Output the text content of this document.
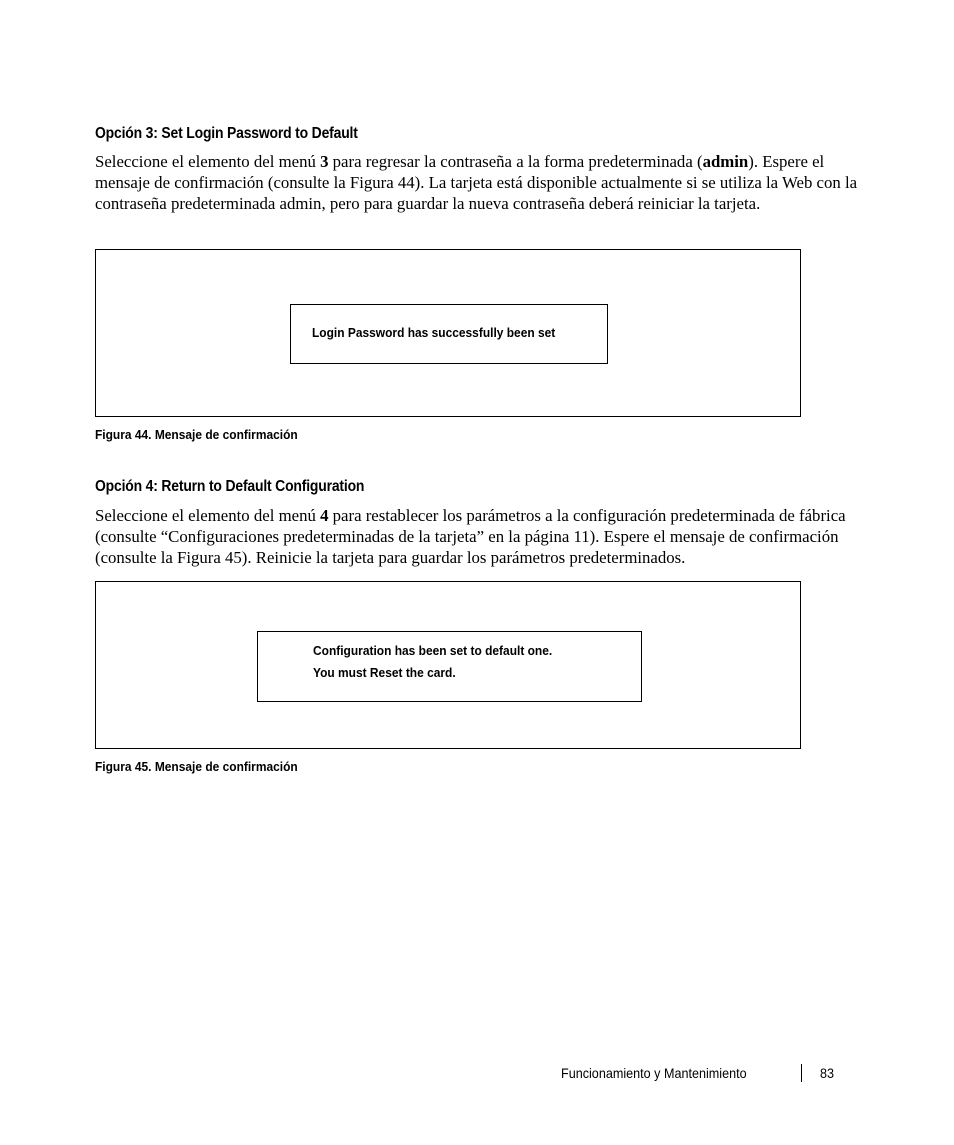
Opción 3: Set Login Password to Default

Seleccione el elemento del menú 3 para regresar la contraseña a la forma predeterminada (admin). Espere el mensaje de confirmación (consulte la Figura 44). La tarjeta está disponible actualmente si se utiliza la Web con la contraseña predeterminada admin, pero para guardar la nueva contraseña deberá reiniciar la tarjeta.

Login Password has successfully been set

Figura 44. Mensaje de confirmación

Opción 4: Return to Default Configuration

Seleccione el elemento del menú 4 para restablecer los parámetros a la configuración predeterminada de fábrica (consulte “Configuraciones predeterminadas de la tarjeta” en la página 11). Espere el mensaje de confirmación (consulte la Figura 45). Reinicie la tarjeta para guardar los parámetros predeterminados.

Configuration has been set to default one.
You must Reset the card.

Figura 45. Mensaje de confirmación

Funcionamiento y Mantenimiento	83
